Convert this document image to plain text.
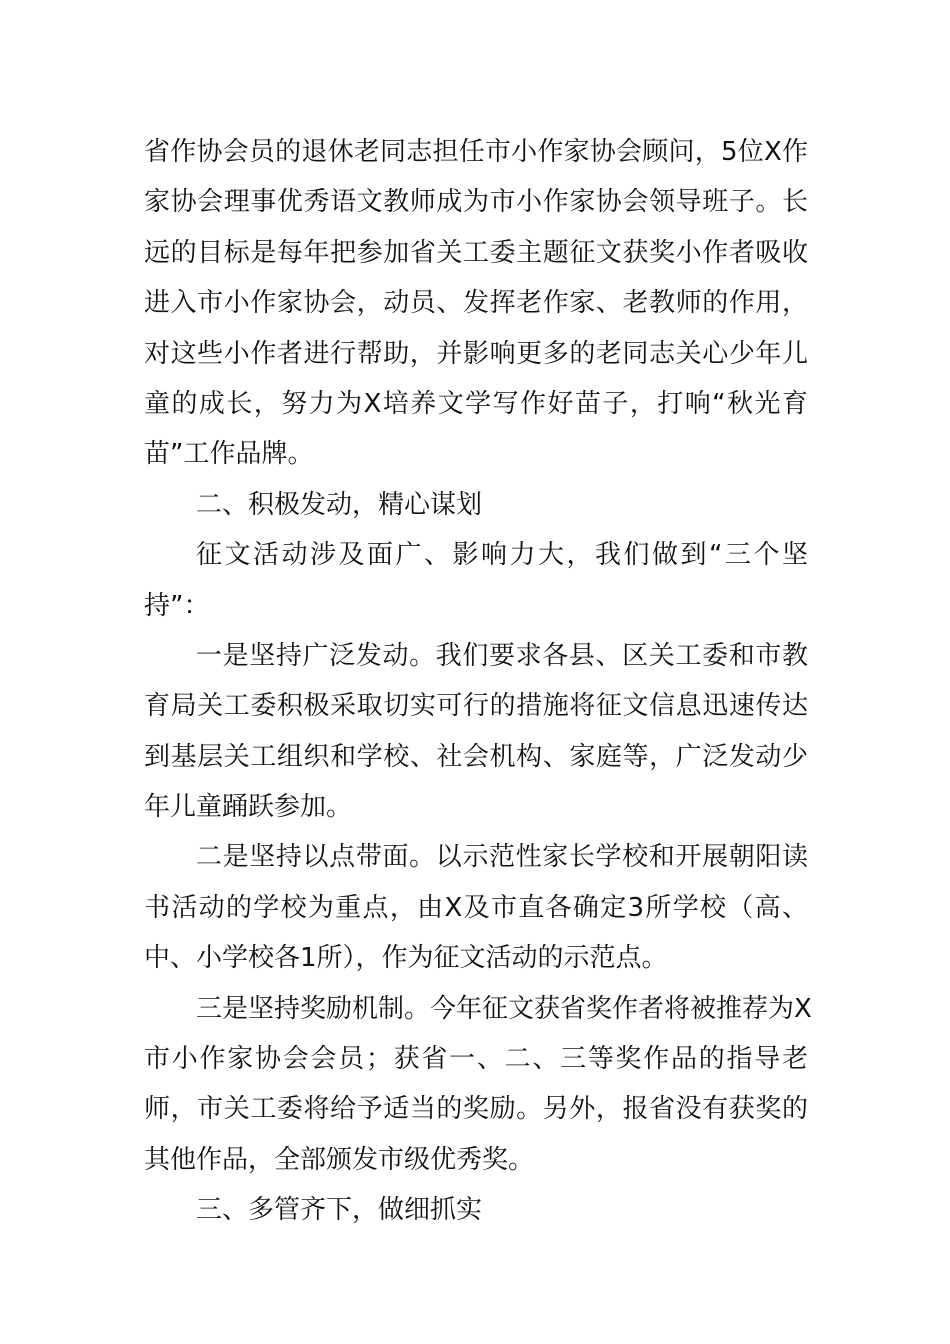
省作协会员的退休老同志担任市小作家协会顾问，5位X作
家协会理事优秀语文教师成为市小作家协会领导班子。长
远的目标是每年把参加省关工委主题征文获奖小作者吸收
进入市小作家协会，动员、发挥老作家、老教师的作用，
对这些小作者进行帮助，并影响更多的老同志关心少年儿
童的成长，努力为X培养文学写作好苗子，打响“秋光育
苗”工作品牌。
二、积极发动，精心谋划
征文活动涉及面广、影响力大，我们做到“三个坚
持”：
一是坚持广泛发动。我们要求各县、区关工委和市教
育局关工委积极采取切实可行的措施将征文信息迅速传达
到基层关工组织和学校、社会机构、家庭等，广泛发动少
年儿童踊跃参加。
二是坚持以点带面。以示范性家长学校和开展朝阳读
书活动的学校为重点，由X及市直各确定3所学校（高、
中、小学校各1所），作为征文活动的示范点。
三是坚持奖励机制。今年征文获省奖作者将被推荐为X
市小作家协会会员；获省一、二、三等奖作品的指导老
师，市关工委将给予适当的奖励。另外，报省没有获奖的
其他作品，全部颁发市级优秀奖。
三、多管齐下，做细抓实
